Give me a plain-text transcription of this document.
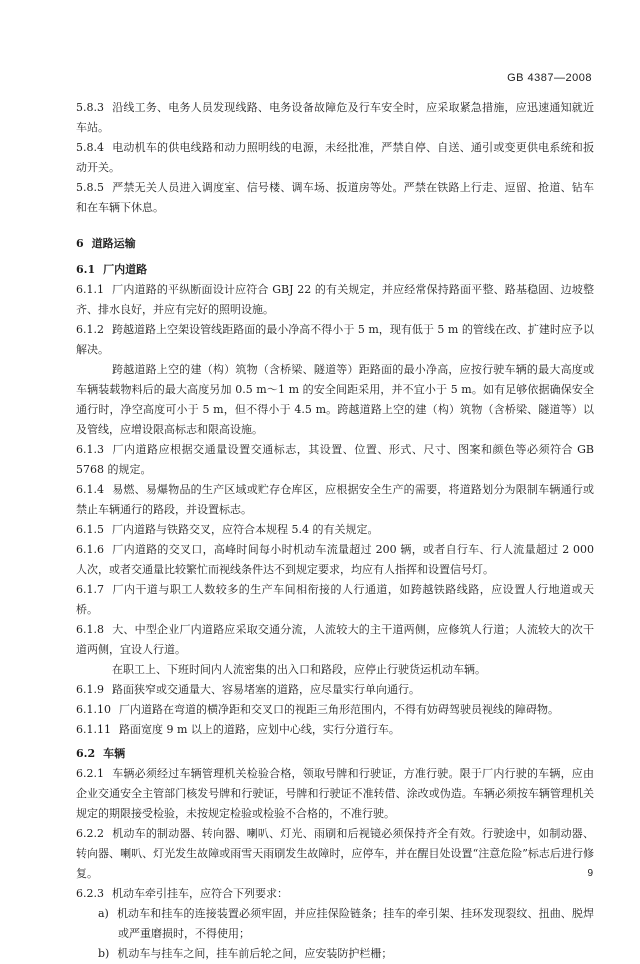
GB 4387—2008

5.8.3 沿线工务、电务人员发现线路、电务设备故障危及行车安全时，应采取紧急措施，应迅速通知就近车站。

5.8.4 电动机车的供电线路和动力照明线的电源，未经批准，严禁自停、自送、通引或变更供电系统和扳动开关。

5.8.5 严禁无关人员进入调度室、信号楼、调车场、扳道房等处。严禁在铁路上行走、逗留、抢道、钻车和在车辆下休息。

6 道路运输

6.1 厂内道路

6.1.1 厂内道路的平纵断面设计应符合 GBJ 22 的有关规定，并应经常保持路面平整、路基稳固、边坡整齐、排水良好，并应有完好的照明设施。

6.1.2 跨越道路上空架设管线距路面的最小净高不得小于 5 m，现有低于 5 m 的管线在改、扩建时应予以解决。

跨越道路上空的建（构）筑物（含桥梁、隧道等）距路面的最小净高，应按行驶车辆的最大高度或车辆装载物料后的最大高度另加 0.5 m～1 m 的安全间距采用，并不宜小于 5 m。如有足够依据确保安全通行时，净空高度可小于 5 m，但不得小于 4.5 m。跨越道路上空的建（构）筑物（含桥梁、隧道等）以及管线，应增设限高标志和限高设施。

6.1.3 厂内道路应根据交通量设置交通标志，其设置、位置、形式、尺寸、图案和颜色等必须符合 GB 5768 的规定。

6.1.4 易燃、易爆物品的生产区域或贮存仓库区，应根据安全生产的需要，将道路划分为限制车辆通行或禁止车辆通行的路段，并设置标志。

6.1.5 厂内道路与铁路交叉，应符合本规程 5.4 的有关规定。

6.1.6 厂内道路的交叉口，高峰时间每小时机动车流量超过 200 辆，或者自行车、行人流量超过 2 000 人次，或者交通量比较繁忙而视线条件达不到规定要求，均应有人指挥和设置信号灯。

6.1.7 厂内干道与职工人数较多的生产车间相衔接的人行通道，如跨越铁路线路，应设置人行地道或天桥。

6.1.8 大、中型企业厂内道路应采取交通分流，人流较大的主干道两侧，应修筑人行道；人流较大的次干道两侧，宜设人行道。

在职工上、下班时间内人流密集的出入口和路段，应停止行驶货运机动车辆。

6.1.9 路面狭窄或交通量大、容易堵塞的道路，应尽量实行单向通行。

6.1.10 厂内道路在弯道的横净距和交叉口的视距三角形范围内，不得有妨碍驾驶员视线的障碍物。

6.1.11 路面宽度 9 m 以上的道路，应划中心线，实行分道行车。

6.2 车辆

6.2.1 车辆必须经过车辆管理机关检验合格，领取号牌和行驶证，方准行驶。限于厂内行驶的车辆，应由企业交通安全主管部门核发号牌和行驶证，号牌和行驶证不准转借、涂改或伪造。车辆必须按车辆管理机关规定的期限接受检验，未按规定检验或检验不合格的，不准行驶。

6.2.2 机动车的制动器、转向器、喇叭、灯光、雨刷和后视镜必须保持齐全有效。行驶途中，如制动器、转向器、喇叭、灯光发生故障或雨雪天雨刷发生故障时，应停车，并在醒目处设置“注意危险”标志后进行修复。

6.2.3 机动车牵引挂车，应符合下列要求：

a) 机动车和挂车的连接装置必须牢固，并应挂保险链条；挂车的牵引架、挂环发现裂纹、扭曲、脱焊或严重磨损时，不得使用；

b) 机动车与挂车之间，挂车前后轮之间，应安装防护栏栅；

9
